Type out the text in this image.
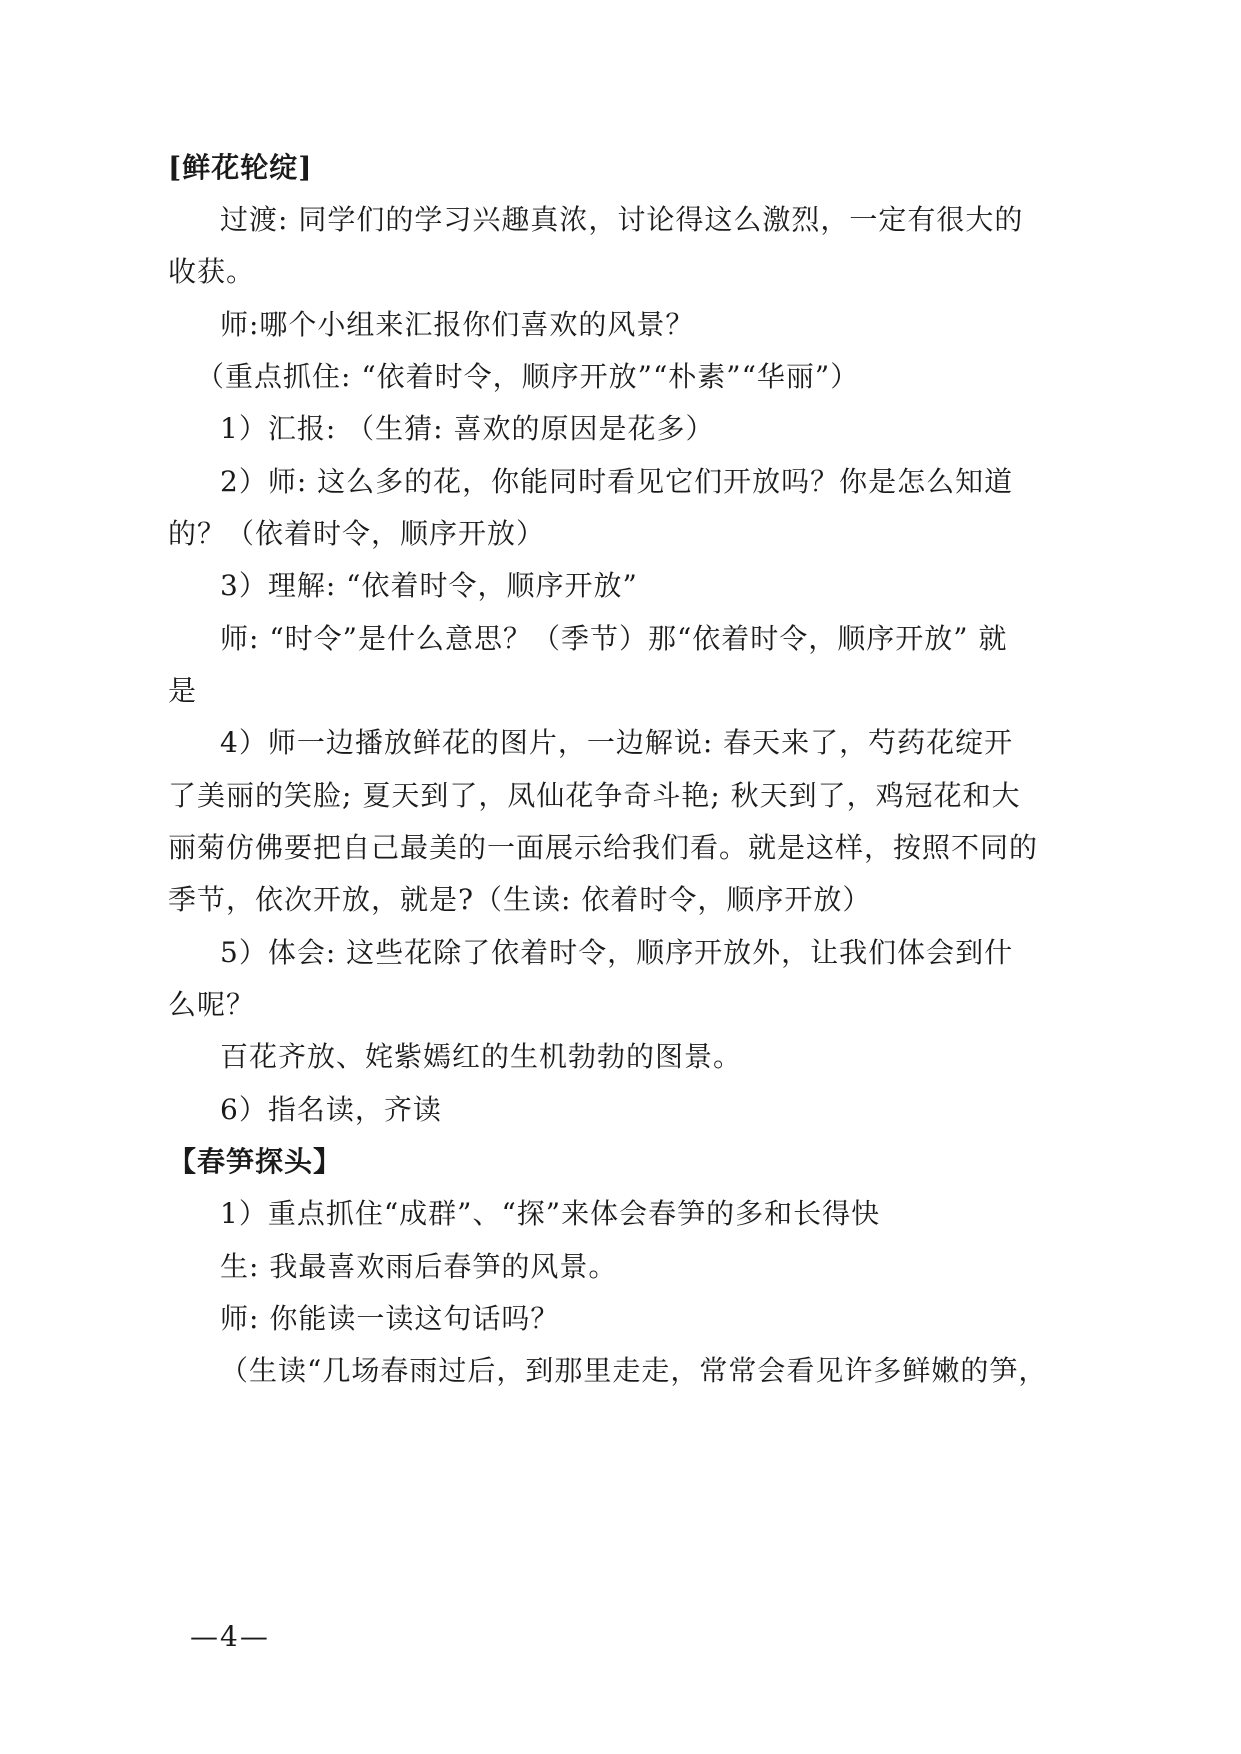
[鲜花轮绽]
过渡: 同学们的学习兴趣真浓，讨论得这么激烈，一定有很大的
收获。
师:哪个小组来汇报你们喜欢的风景？
（重点抓住: “依着时令，顺序开放”“朴素”“华丽”）
1）汇报: （生猜: 喜欢的原因是花多）
2）师: 这么多的花，你能同时看见它们开放吗？你是怎么知道
的？（依着时令，顺序开放）
3）理解: “依着时令，顺序开放”
师: “时令”是什么意思？（季节）那“依着时令，顺序开放” 就
是
4）师一边播放鲜花的图片，一边解说: 春天来了，芍药花绽开
了美丽的笑脸; 夏天到了，凤仙花争奇斗艳; 秋天到了，鸡冠花和大
丽菊仿佛要把自己最美的一面展示给我们看。就是这样，按照不同的
季节，依次开放，就是?（生读: 依着时令，顺序开放）
5）体会: 这些花除了依着时令，顺序开放外，让我们体会到什
么呢？
百花齐放、姹紫嫣红的生机勃勃的图景。
6）指名读，齐读
【春笋探头】
1）重点抓住“成群”、“探”来体会春笋的多和长得快
生: 我最喜欢雨后春笋的风景。
师: 你能读一读这句话吗？
（生读“几场春雨过后，到那里走走，常常会看见许多鲜嫩的笋，
—4—
